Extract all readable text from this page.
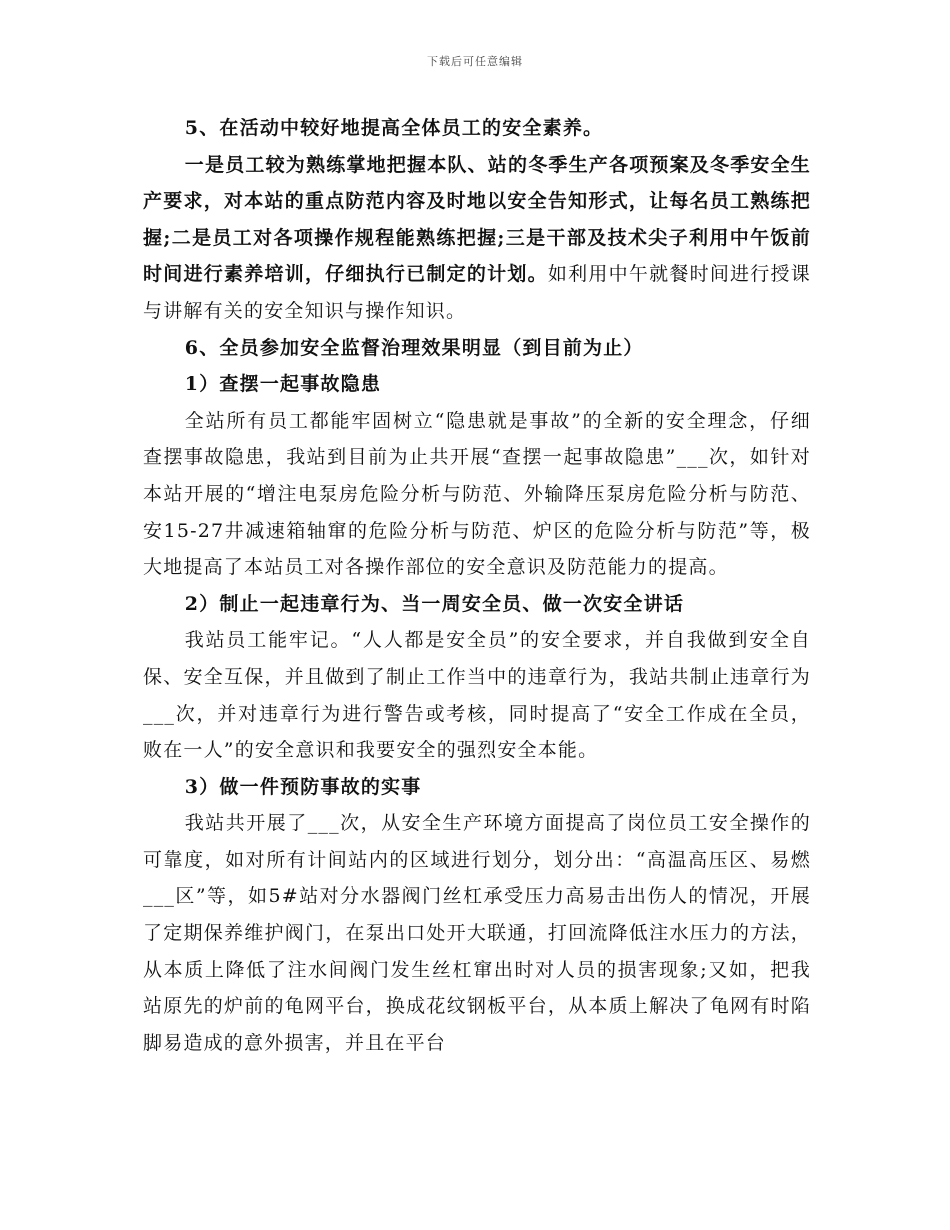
下载后可任意编辑

5、在活动中较好地提高全体员工的安全素养。

一是员工较为熟练掌地把握本队、站的冬季生产各项预案及冬季安全生产要求，对本站的重点防范内容及时地以安全告知形式，让每名员工熟练把握;二是员工对各项操作规程能熟练把握;三是干部及技术尖子利用中午饭前时间进行素养培训，仔细执行已制定的计划。如利用中午就餐时间进行授课与讲解有关的安全知识与操作知识。

6、全员参加安全监督治理效果明显（到目前为止）

1）查摆一起事故隐患

全站所有员工都能牢固树立“隐患就是事故”的全新的安全理念，仔细查摆事故隐患，我站到目前为止共开展“查摆一起事故隐患”___次，如针对本站开展的“增注电泵房危险分析与防范、外输降压泵房危险分析与防范、安15-27井减速箱轴窜的危险分析与防范、炉区的危险分析与防范”等，极大地提高了本站员工对各操作部位的安全意识及防范能力的提高。

2）制止一起违章行为、当一周安全员、做一次安全讲话

我站员工能牢记。“人人都是安全员”的安全要求，并自我做到安全自保、安全互保，并且做到了制止工作当中的违章行为，我站共制止违章行为___次，并对违章行为进行警告或考核，同时提高了“安全工作成在全员，败在一人”的安全意识和我要安全的强烈安全本能。

3）做一件预防事故的实事

我站共开展了___次，从安全生产环境方面提高了岗位员工安全操作的可靠度，如对所有计间站内的区域进行划分，划分出：“高温高压区、易燃___区”等，如5#站对分水器阀门丝杠承受压力高易击出伤人的情况，开展了定期保养维护阀门，在泵出口处开大联通，打回流降低注水压力的方法，从本质上降低了注水间阀门发生丝杠窜出时对人员的损害现象;又如，把我站原先的炉前的龟网平台，换成花纹钢板平台，从本质上解决了龟网有时陷脚易造成的意外损害，并且在平台
